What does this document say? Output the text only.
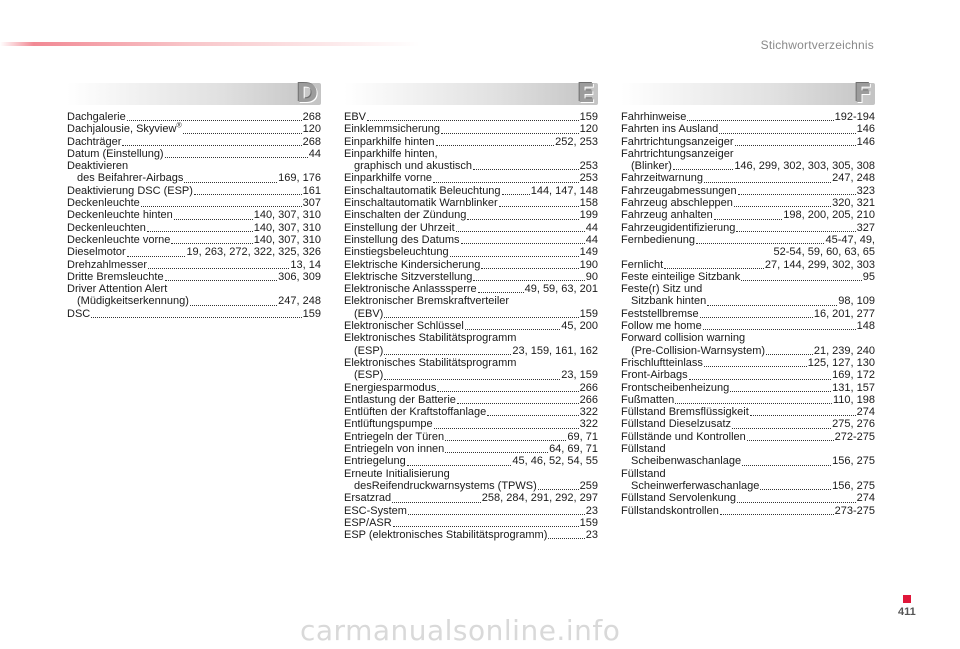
Stichwortverzeichnis
D
Dachgalerie	268
Dachjalousie, Skyview®	120
Dachträger	268
Datum (Einstellung)	44
Deaktivieren
des Beifahrer-Airbags	169, 176
Deaktivierung DSC (ESP)	161
Deckenleuchte	307
Deckenleuchte hinten	140, 307, 310
Deckenleuchten	140, 307, 310
Deckenleuchte vorne	140, 307, 310
Dieselmotor	19, 263, 272, 322, 325, 326
Drehzahlmesser	13, 14
Dritte Bremsleuchte	306, 309
Driver Attention Alert
(Müdigkeitserkennung)	247, 248
DSC	159
E
EBV	159
Einklemmsicherung	120
Einparkhilfe hinten	252, 253
Einparkhilfe hinten,
graphisch und akustisch	253
Einparkhilfe vorne	253
Einschaltautomatik Beleuchtung	144, 147, 148
Einschaltautomatik Warnblinker	158
Einschalten der Zündung	199
Einstellung der Uhrzeit	44
Einstellung des Datums	44
Einstiegsbeleuchtung	149
Elektrische Kindersicherung	190
Elektrische Sitzverstellung	90
Elektronische Anlasssperre	49, 59, 63, 201
Elektronischer Bremskraftverteiler
(EBV)	159
Elektronischer Schlüssel	45, 200
Elektronisches Stabilitätsprogramm
(ESP)	23, 159, 161, 162
Elektronisches Stabilitätsprogramm
(ESP)	23, 159
Energiesparmodus	266
Entlastung der Batterie	266
Entlüften der Kraftstoffanlage	322
Entlüftungspumpe	322
Entriegeln der Türen	69, 71
Entriegeln von innen	64, 69, 71
Entriegelung	45, 46, 52, 54, 55
Erneute Initialisierung
desReifendruckwarnsystems (TPWS)	259
Ersatzrad	258, 284, 291, 292, 297
ESC-System	23
ESP/ASR	159
ESP (elektronisches Stabilitätsprogramm)	23
F
Fahrhinweise	192-194
Fahrten ins Ausland	146
Fahrtrichtungsanzeiger	146
Fahrtrichtungsanzeiger
(Blinker)	146, 299, 302, 303, 305, 308
Fahrzeitwarnung	247, 248
Fahrzeugabmessungen	323
Fahrzeug abschleppen	320, 321
Fahrzeug anhalten	198, 200, 205, 210
Fahrzeugidentifizierung	327
Fernbedienung	45-47, 49,
52-54, 59, 60, 63, 65
Fernlicht	27, 144, 299, 302, 303
Feste einteilige Sitzbank	95
Feste(r) Sitz und
Sitzbank hinten	98, 109
Feststellbremse	16, 201, 277
Follow me home	148
Forward collision warning
(Pre-Collision-Warnsystem)	21, 239, 240
Frischluftteinlass	125, 127, 130
Front-Airbags	169, 172
Frontscheibenheizung	131, 157
Fußmatten	110, 198
Füllstand Bremsflüssigkeit	274
Füllstand Dieselzusatz	275, 276
Füllstände und Kontrollen	272-275
Füllstand
Scheibenwaschanlage	156, 275
Füllstand
Scheinwerferwaschanlage	156, 275
Füllstand Servolenkung	274
Füllstandskontrollen	273-275
411
carmanualsonline.info
